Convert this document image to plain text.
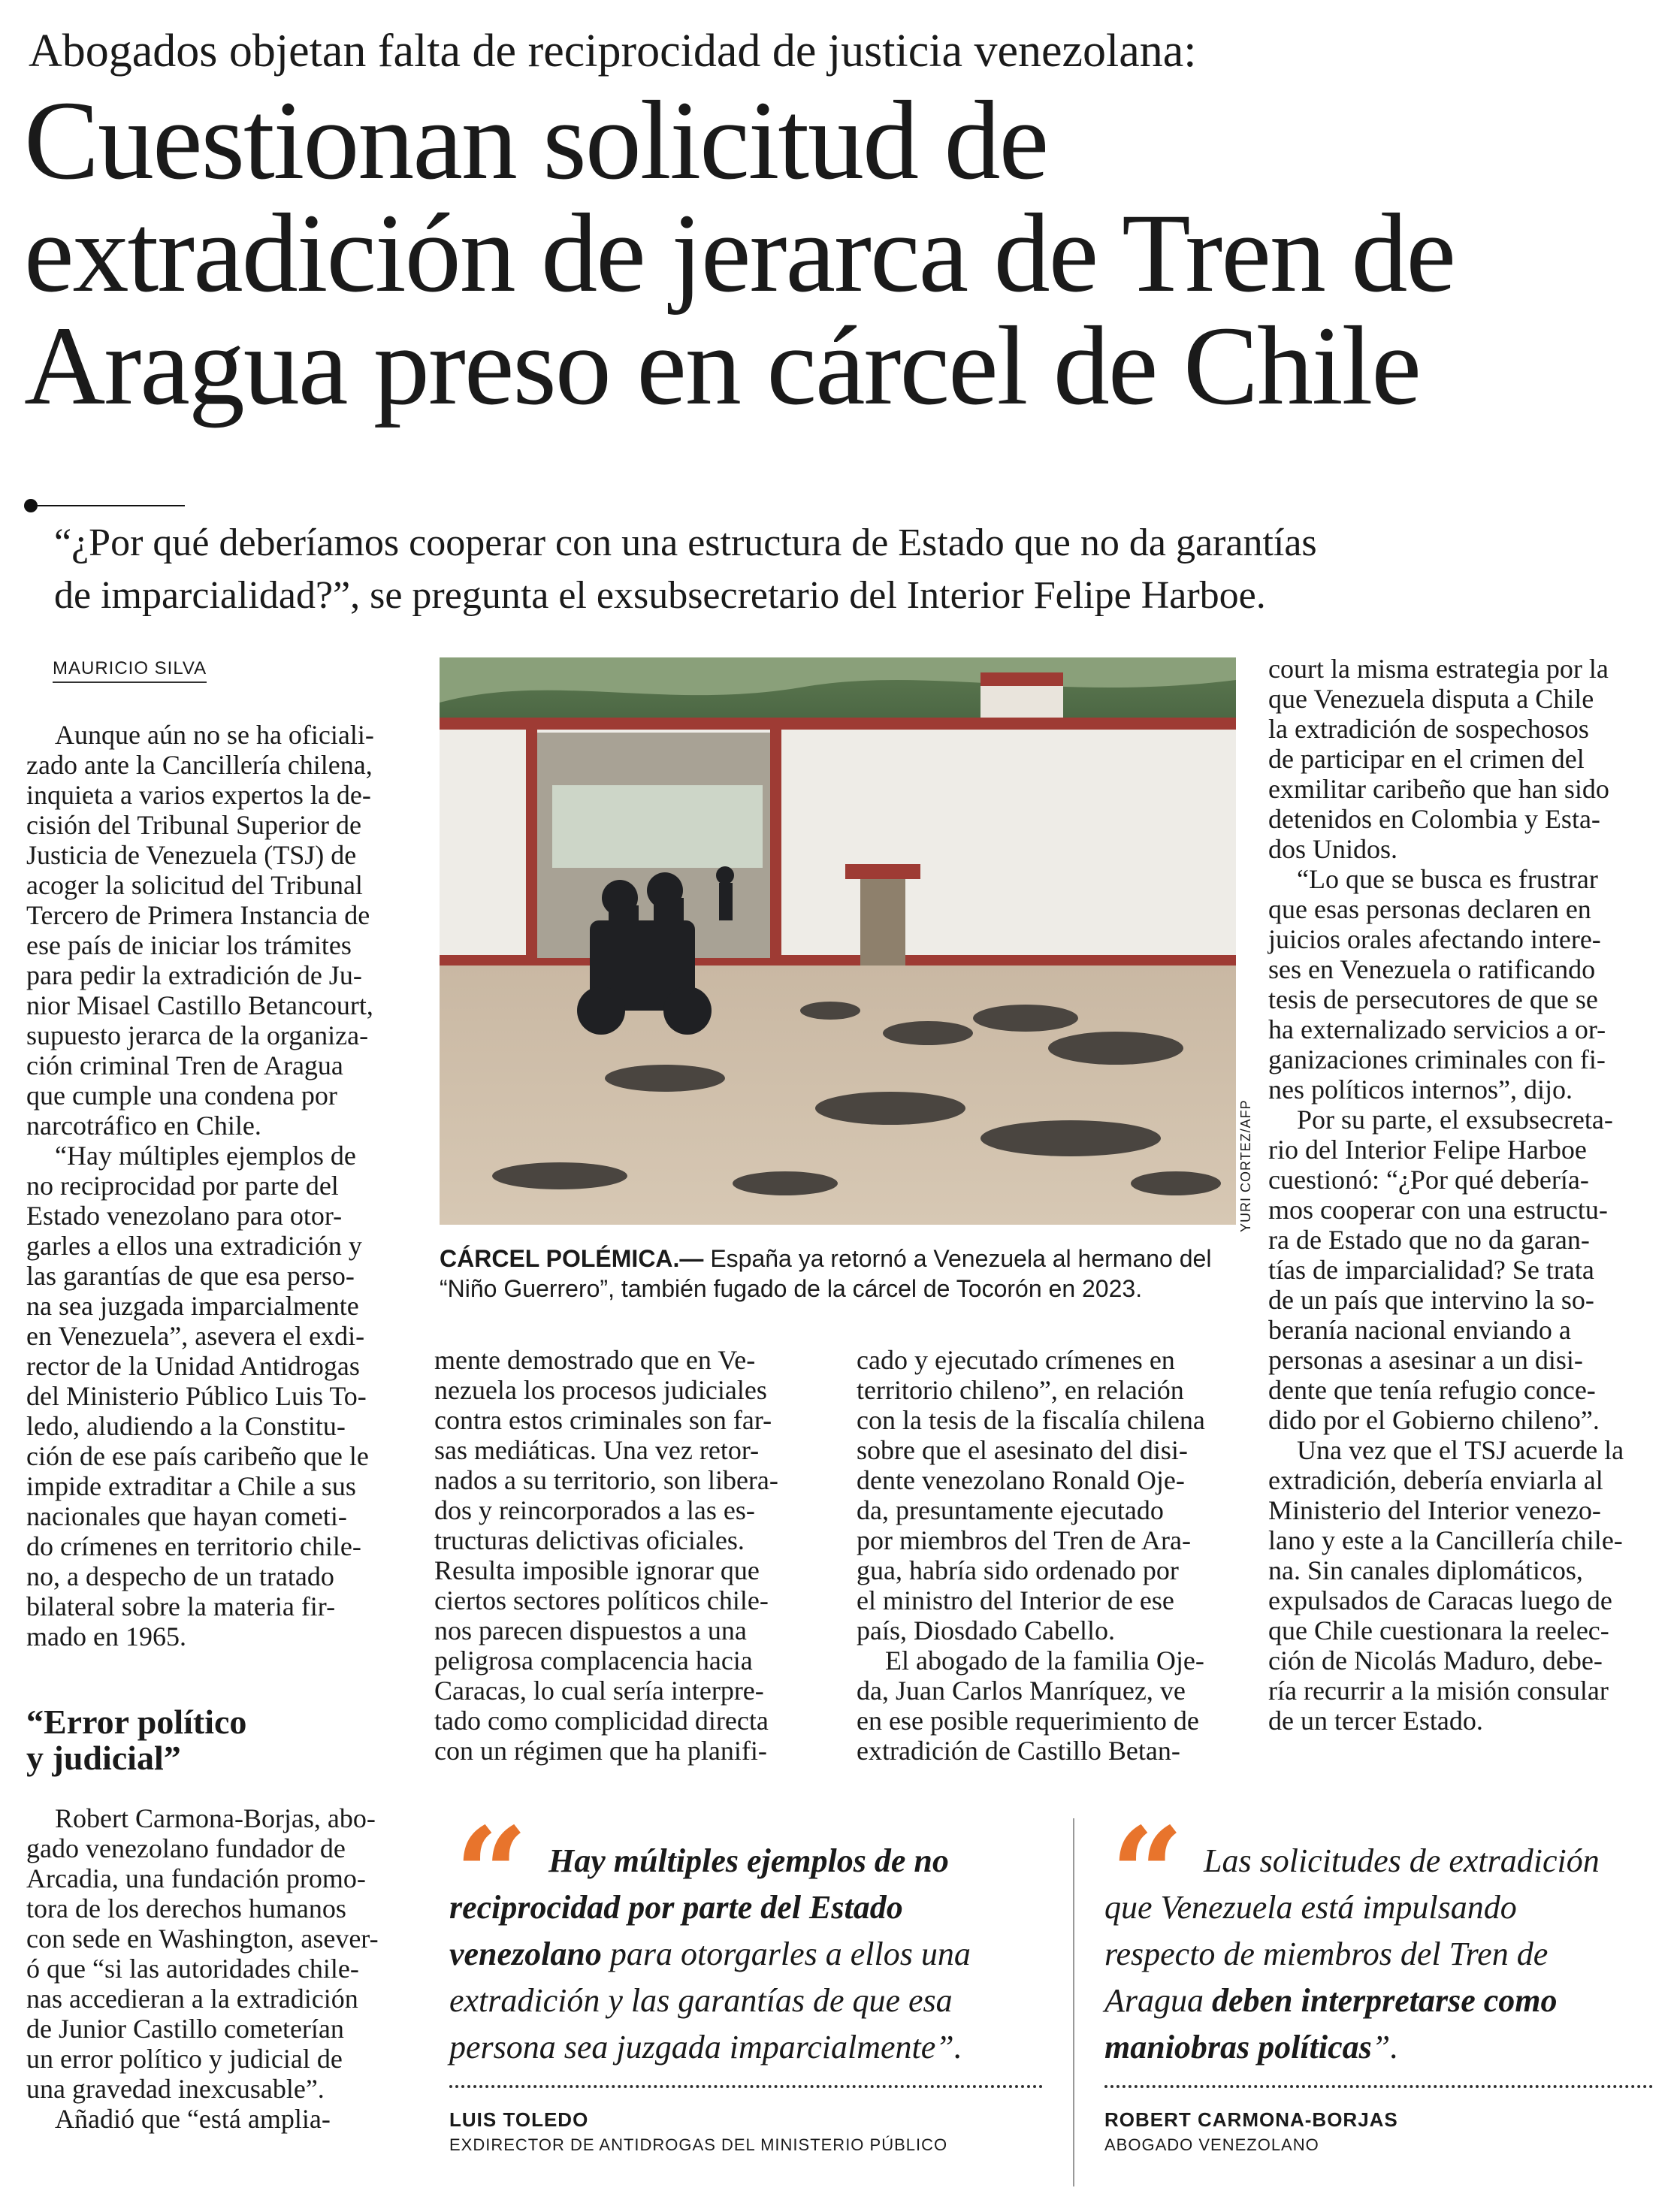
Abogados objetan falta de reciprocidad de justicia venezolana:
Cuestionan solicitud de
extradición de jerarca de Tren de
Aragua preso en cárcel de Chile
“¿Por qué deberíamos cooperar con una estructura de Estado que no da garantías
de imparcialidad?”, se pregunta el exsubsecretario del Interior Felipe Harboe.
MAURICIO SILVA

Aunque aún no se ha oficiali-

zado ante la Cancillería chilena,

inquieta a varios expertos la de-

cisión del Tribunal Superior de

Justicia de Venezuela (TSJ) de

acoger la solicitud del Tribunal

Tercero de Primera Instancia de

ese país de iniciar los trámites

para pedir la extradición de Ju-

nior Misael Castillo Betancourt,

supuesto jerarca de la organiza-

ción criminal Tren de Aragua

que cumple una condena por

narcotráfico en Chile.

“Hay múltiples ejemplos de

no reciprocidad por parte del

Estado venezolano para otor-

garles a ellos una extradición y

las garantías de que esa perso-

na sea juzgada imparcialmente

en Venezuela”, asevera el exdi-

rector de la Unidad Antidrogas

del Ministerio Público Luis To-

ledo, aludiendo a la Constitu-

ción de ese país caribeño que le

impide extraditar a Chile a sus

nacionales que hayan cometi-

do crímenes en territorio chile-

no, a despecho de un tratado

bilateral sobre la materia fir-

mado en 1965.

“Error político
y judicial”

Robert Carmona-Borjas, abo-

gado venezolano fundador de

Arcadia, una fundación promo-

tora de los derechos humanos

con sede en Washington, asever-

ó que “si las autoridades chile-

nas accedieran a la extradición

de Junior Castillo cometerían

un error político y judicial de

una gravedad inexcusable”.

Añadió que “está amplia-

YURI CORTEZ/AFP
CÁRCEL POLÉMICA.— España ya retornó a Venezuela al hermano del
“Niño Guerrero”, también fugado de la cárcel de Tocorón en 2023.

mente demostrado que en Ve-

nezuela los procesos judiciales

contra estos criminales son far-

sas mediáticas. Una vez retor-

nados a su territorio, son libera-

dos y reincorporados a las es-

tructuras delictivas oficiales.

Resulta imposible ignorar que

ciertos sectores políticos chile-

nos parecen dispuestos a una

peligrosa complacencia hacia

Caracas, lo cual sería interpre-

tado como complicidad directa

con un régimen que ha planifi-

cado y ejecutado crímenes en

territorio chileno”, en relación

con la tesis de la fiscalía chilena

sobre que el asesinato del disi-

dente venezolano Ronald Oje-

da, presuntamente ejecutado

por miembros del Tren de Ara-

gua, habría sido ordenado por

el ministro del Interior de ese

país, Diosdado Cabello.

El abogado de la familia Oje-

da, Juan Carlos Manríquez, ve

en ese posible requerimiento de

extradición de Castillo Betan-

court la misma estrategia por la

que Venezuela disputa a Chile

la extradición de sospechosos

de participar en el crimen del

exmilitar caribeño que han sido

detenidos en Colombia y Esta-

dos Unidos.

“Lo que se busca es frustrar

que esas personas declaren en

juicios orales afectando intere-

ses en Venezuela o ratificando

tesis de persecutores de que se

ha externalizado servicios a or-

ganizaciones criminales con fi-

nes políticos internos”, dijo.

Por su parte, el exsubsecreta-

rio del Interior Felipe Harboe

cuestionó: “¿Por qué debería-

mos cooperar con una estructu-

ra de Estado que no da garan-

tías de imparcialidad? Se trata

de un país que intervino la so-

beranía nacional enviando a

personas a asesinar a un disi-

dente que tenía refugio conce-

dido por el Gobierno chileno”.

Una vez que el TSJ acuerde la

extradición, debería enviarla al

Ministerio del Interior venezo-

lano y este a la Cancillería chile-

na. Sin canales diplomáticos,

expulsados de Caracas luego de

que Chile cuestionara la reelec-

ción de Nicolás Maduro, debe-

ría recurrir a la misión consular

de un tercer Estado.

“ Hay múltiples ejemplos de no
reciprocidad por parte del Estado
venezolano para otorgarles a ellos una
extradición y las garantías de que esa
persona sea juzgada imparcialmente”.
LUIS TOLEDO
EXDIRECTOR DE ANTIDROGAS DEL MINISTERIO PÚBLICO
“ Las solicitudes de extradición
que Venezuela está impulsando
respecto de miembros del Tren de
Aragua deben interpretarse como
maniobras políticas”.
ROBERT CARMONA-BORJAS
ABOGADO VENEZOLANO
